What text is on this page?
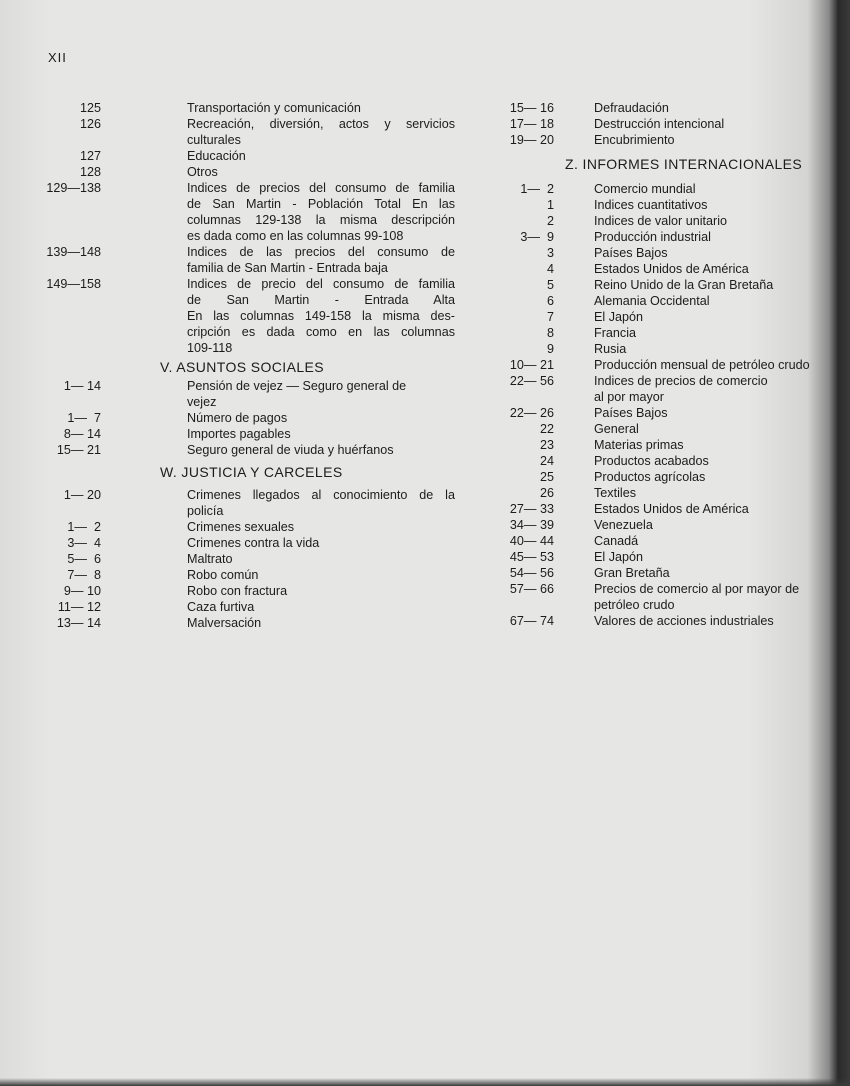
XII
125	Transportación y comunicación
126	Recreación, diversión, actos y servicios
culturales
127	Educación
128	Otros
129—138	Indices de precios del consumo de familia
de San Martin - Población Total En las
columnas 129-138 la misma descripción
es dada como en las columnas 99-108
139—148	Indices de las precios del consumo de
familia de San Martin - Entrada baja
149—158	Indices de precio del consumo de familia
de San Martin - Entrada Alta
En las columnas 149-158 la misma des-
cripción es dada como en las columnas
109-118
V. ASUNTOS SOCIALES
1— 14	Pensión de vejez — Seguro general de
vejez
1—  7	Número de pagos
8— 14	Importes pagables
15— 21	Seguro general de viuda y huérfanos
W. JUSTICIA Y CARCELES
1— 20	Crimenes llegados al conocimiento de la
policía
1—  2	Crimenes sexuales
3—  4	Crimenes contra la vida
5—  6	Maltrato
7—  8	Robo común
9— 10	Robo con fractura
11— 12	Caza furtiva
13— 14	Malversación
15— 16	Defraudación
17— 18	Destrucción intencional
19— 20	Encubrimiento
Z. INFORMES INTERNACIONALES
1—  2	Comercio mundial
1	Indices cuantitativos
2	Indices de valor unitario
3—  9	Producción industrial
3	Países Bajos
4	Estados Unidos de América
5	Reino Unido de la Gran Bretaña
6	Alemania Occidental
7	El Japón
8	Francia
9	Rusia
10— 21	Producción mensual de petróleo crudo
22— 56	Indices de precios de comercio
al por mayor
22— 26	Países Bajos
22	General
23	Materias primas
24	Productos acabados
25	Productos agrícolas
26	Textiles
27— 33	Estados Unidos de América
34— 39	Venezuela
40— 44	Canadá
45— 53	El Japón
54— 56	Gran Bretaña
57— 66	Precios de comercio al por mayor de
petróleo crudo
67— 74	Valores de acciones industriales
